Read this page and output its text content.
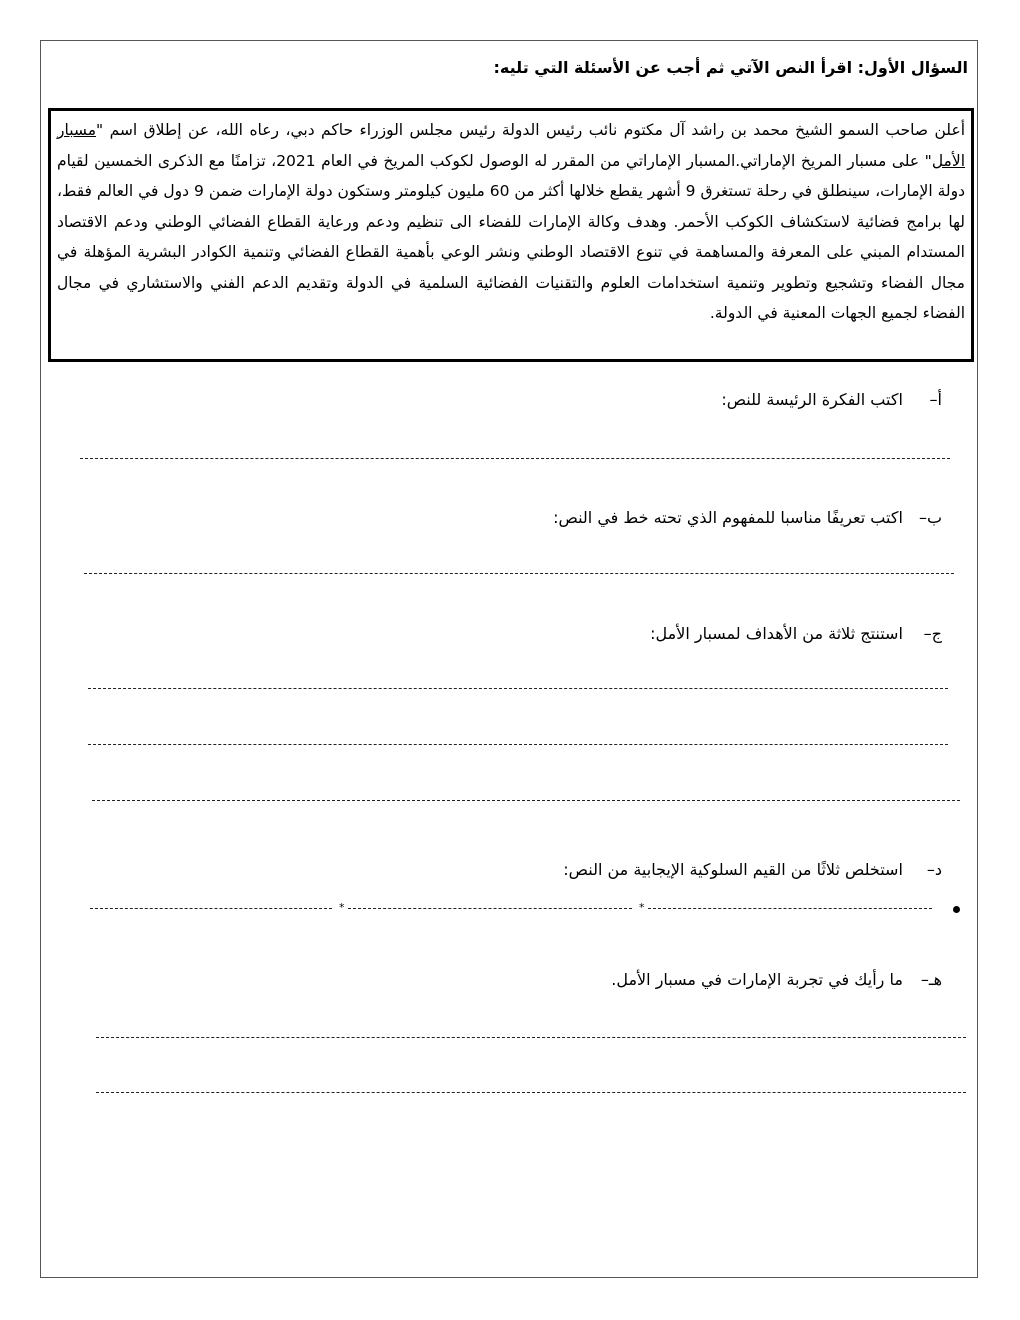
السؤال الأول: اقرأ النص الآتي ثم أجب عن الأسئلة التي تليه:

أعلن صاحب السمو الشيخ محمد بن راشد آل مكتوم نائب رئيس الدولة رئيس مجلس الوزراء حاكم دبي، رعاه الله، عن إطلاق اسم "مسبار الأمل" على مسبار المريخ الإماراتي.المسبار الإماراتي من المقرر له الوصول لكوكب المريخ في العام 2021، تزامنًا مع الذكرى الخمسين لقيام دولة الإمارات، سينطلق في رحلة تستغرق 9 أشهر يقطع خلالها أكثر من 60 مليون كيلومتر وستكون دولة الإمارات ضمن 9 دول في العالم فقط، لها برامج فضائية لاستكشاف الكوكب الأحمر. وهدف وكالة الإمارات للفضاء الى تنظيم ودعم ورعاية القطاع الفضائي الوطني ودعم الاقتصاد المستدام المبني على المعرفة والمساهمة في تنوع الاقتصاد الوطني ونشر الوعي بأهمية القطاع الفضائي وتنمية الكوادر البشرية المؤهلة في مجال الفضاء وتشجيع وتطوير وتنمية استخدامات العلوم والتقنيات الفضائية السلمية في الدولة وتقديم الدعم الفني والاستشاري في مجال الفضاء لجميع الجهات المعنية في الدولة.

أ– اكتب الفكرة الرئيسة للنص:
ب– اكتب تعريفًا مناسبا للمفهوم الذي تحته خط في النص:
ج– استنتج ثلاثة من الأهداف لمسبار الأمل:
د– استخلص ثلاثًا من القيم السلوكية الإيجابية من النص:
*
*
هـ– ما رأيك في تجربة الإمارات في مسبار الأمل.
